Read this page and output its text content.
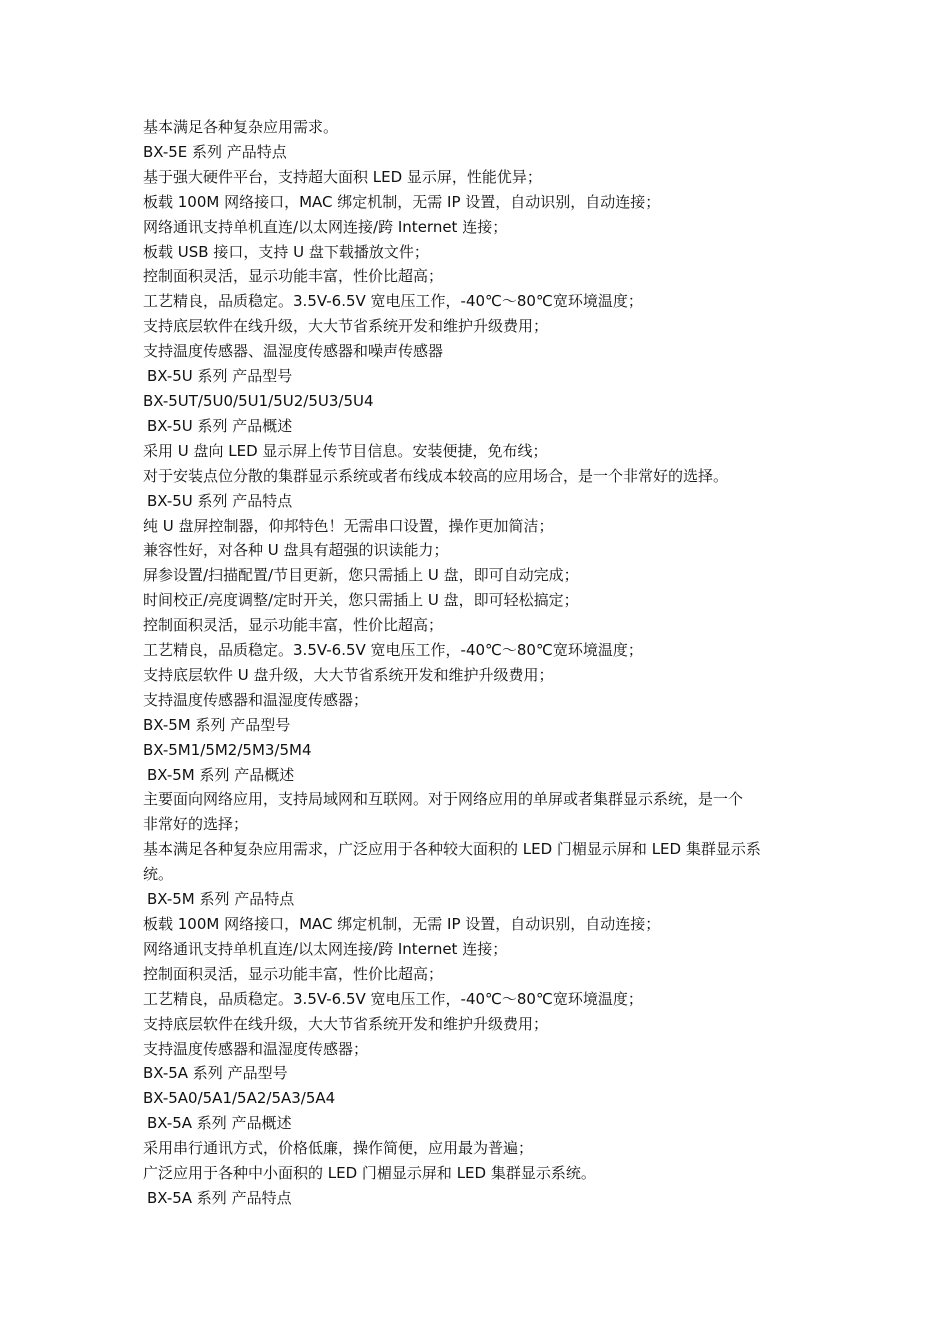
基本满足各种复杂应用需求。

BX-5E 系列 产品特点

基于强大硬件平台，支持超大面积 LED 显示屏，性能优异；

板载 100M 网络接口，MAC 绑定机制，无需 IP 设置，自动识别，自动连接；

网络通讯支持单机直连/以太网连接/跨 Internet 连接；

板载 USB 接口，支持 U 盘下载播放文件；

控制面积灵活，显示功能丰富，性价比超高；

工艺精良，品质稳定。3.5V-6.5V 宽电压工作，-40℃～80℃宽环境温度；

支持底层软件在线升级，大大节省系统开发和维护升级费用；

支持温度传感器、温湿度传感器和噪声传感器

BX-5U 系列 产品型号

BX-5UT/5U0/5U1/5U2/5U3/5U4

BX-5U 系列 产品概述

采用 U 盘向 LED 显示屏上传节目信息。安装便捷，免布线；

对于安装点位分散的集群显示系统或者布线成本较高的应用场合，是一个非常好的选择。

BX-5U 系列 产品特点

纯 U 盘屏控制器，仰邦特色！无需串口设置，操作更加简洁；

兼容性好，对各种 U 盘具有超强的识读能力；

屏参设置/扫描配置/节目更新，您只需插上 U 盘，即可自动完成；

时间校正/亮度调整/定时开关，您只需插上 U 盘，即可轻松搞定；

控制面积灵活，显示功能丰富，性价比超高；

工艺精良，品质稳定。3.5V-6.5V 宽电压工作，-40℃～80℃宽环境温度；

支持底层软件 U 盘升级，大大节省系统开发和维护升级费用；

支持温度传感器和温湿度传感器；

BX-5M 系列 产品型号

BX-5M1/5M2/5M3/5M4

BX-5M 系列 产品概述

主要面向网络应用，支持局域网和互联网。对于网络应用的单屏或者集群显示系统，是一个

非常好的选择；

基本满足各种复杂应用需求，广泛应用于各种较大面积的 LED 门楣显示屏和 LED 集群显示系

统。

BX-5M 系列 产品特点

板载 100M 网络接口，MAC 绑定机制，无需 IP 设置，自动识别，自动连接；

网络通讯支持单机直连/以太网连接/跨 Internet 连接；

控制面积灵活，显示功能丰富，性价比超高；

工艺精良，品质稳定。3.5V-6.5V 宽电压工作，-40℃～80℃宽环境温度；

支持底层软件在线升级，大大节省系统开发和维护升级费用；

支持温度传感器和温湿度传感器；

BX-5A 系列 产品型号

BX-5A0/5A1/5A2/5A3/5A4

BX-5A 系列 产品概述

采用串行通讯方式，价格低廉，操作简便，应用最为普遍；

广泛应用于各种中小面积的 LED 门楣显示屏和 LED 集群显示系统。

BX-5A 系列 产品特点
